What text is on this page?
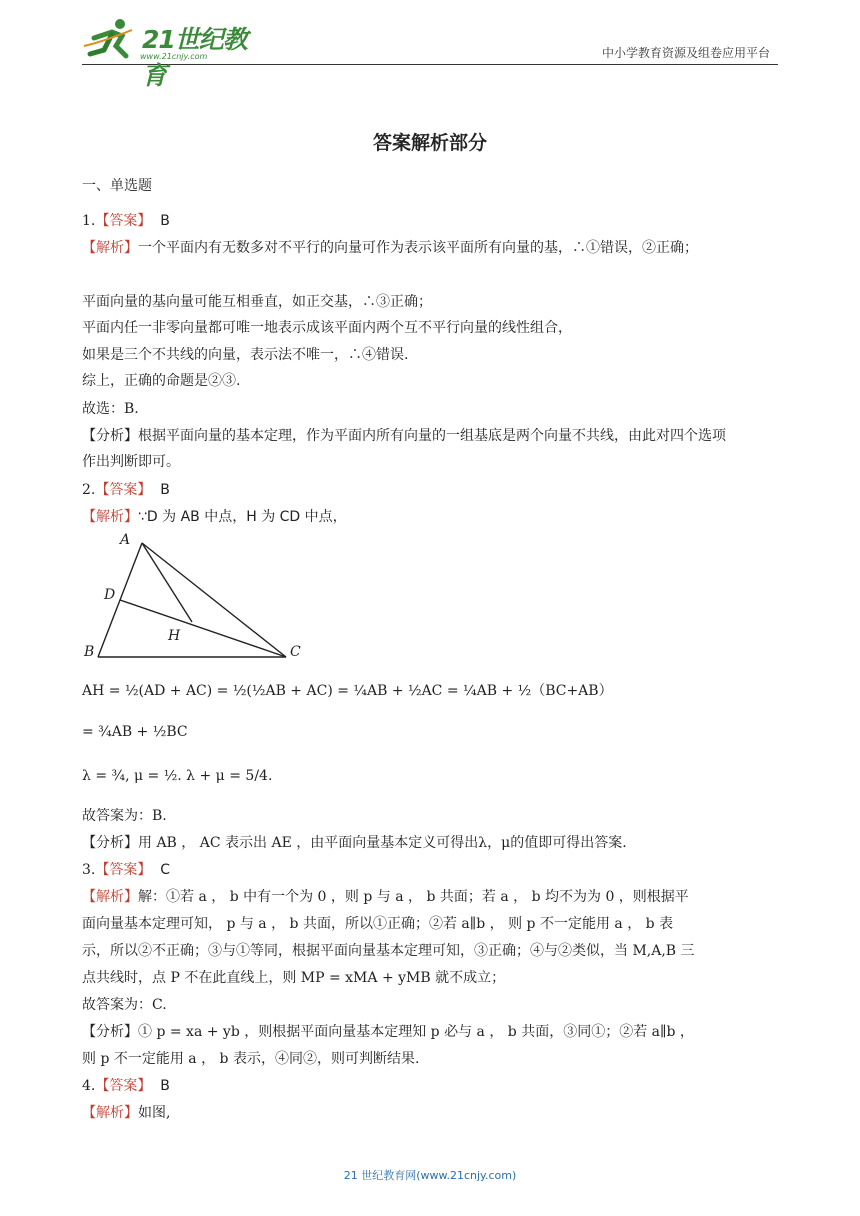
21世纪教育
www.21cnjy.com	中小学教育资源及组卷应用平台
答案解析部分
一、单选题
1.【答案】 B
【解析】一个平面内有无数多对不平行的向量可作为表示该平面所有向量的基，∴①错误，②正确；
平面向量的基向量可能互相垂直，如正交基，∴③正确；
平面内任一非零向量都可唯一地表示成该平面内两个互不平行向量的线性组合，
如果是三个不共线的向量，表示法不唯一，∴④错误.
综上，正确的命题是②③.
故选：B.
【分析】根据平面向量的基本定理，作为平面内所有向量的一组基底是两个向量不共线，由此对四个选项
作出判断即可。
2.【答案】 B
【解析】∵D 为 AB 中点，H 为 CD 中点，
A
B	C
D
H
AH = ½(AD + AC) = ½(½AB + AC) = ¼AB + ½AC = ¼AB + ½（BC+AB）
= ¾AB + ½BC
λ = ¾, μ = ½. λ + μ = 5/4.
故答案为：B.
【分析】用 AB ， AC 表示出 AE ，由平面向量基本定义可得出λ，μ的值即可得出答案.
3.【答案】 C
【解析】解：①若 a ， b 中有一个为 0 ，则 p 与 a ， b 共面；若 a ， b 均不为为 0 ，则根据平
面向量基本定理可知， p 与 a ， b 共面，所以①正确；②若 a∥b ， 则 p 不一定能用 a ， b 表
示，所以②不正确；③与①等同，根据平面向量基本定理可知，③正确；④与②类似，当 M,A,B 三
点共线时，点 P 不在此直线上，则 MP = xMA + yMB 就不成立；
故答案为：C.
【分析】① p = xa + yb ，则根据平面向量基本定理知 p 必与 a ， b 共面，③同①；②若 a∥b ，
则 p 不一定能用 a ， b 表示，④同②，则可判断结果.
4.【答案】 B
【解析】如图,
21 世纪教育网(www.21cnjy.com)
